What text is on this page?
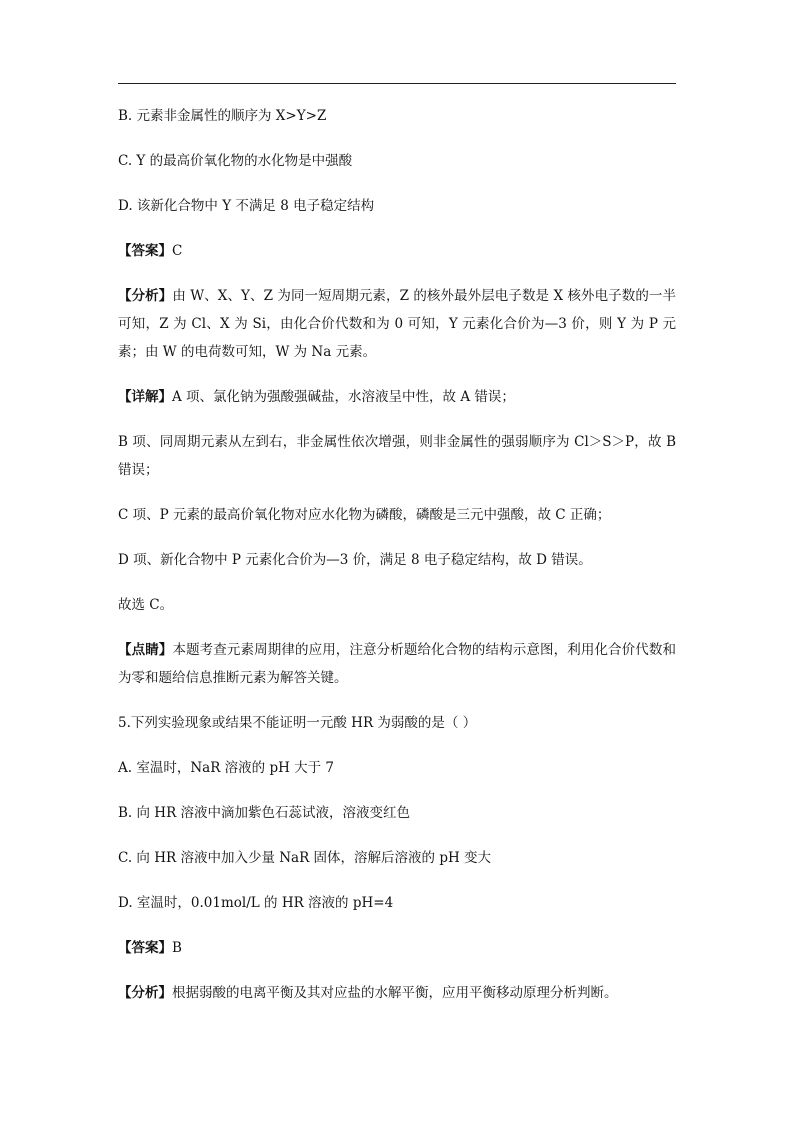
B. 元素非金属性的顺序为 X>Y>Z

C. Y 的最高价氧化物的水化物是中强酸

D. 该新化合物中 Y 不满足 8 电子稳定结构

【答案】C

【分析】由 W、X、Y、Z 为同一短周期元素，Z 的核外最外层电子数是 X 核外电子数的一半可知，Z 为 Cl、X 为 Si，由化合价代数和为 0 可知，Y 元素化合价为—3 价，则 Y 为 P 元素；由 W 的电荷数可知，W 为 Na 元素。

【详解】A 项、氯化钠为强酸强碱盐，水溶液呈中性，故 A 错误；

B 项、同周期元素从左到右，非金属性依次增强，则非金属性的强弱顺序为 Cl＞S＞P，故 B 错误；

C 项、P 元素的最高价氧化物对应水化物为磷酸，磷酸是三元中强酸，故 C 正确；

D 项、新化合物中 P 元素化合价为—3 价，满足 8 电子稳定结构，故 D 错误。

故选 C。

【点睛】本题考查元素周期律的应用，注意分析题给化合物的结构示意图，利用化合价代数和为零和题给信息推断元素为解答关键。

5.下列实验现象或结果不能证明一元酸 HR 为弱酸的是（ ）

A. 室温时，NaR 溶液的 pH 大于 7

B. 向 HR 溶液中滴加紫色石蕊试液，溶液变红色

C. 向 HR 溶液中加入少量 NaR 固体，溶解后溶液的 pH 变大

D. 室温时，0.01mol/L 的 HR 溶液的 pH=4

【答案】B

【分析】根据弱酸的电离平衡及其对应盐的水解平衡，应用平衡移动原理分析判断。
